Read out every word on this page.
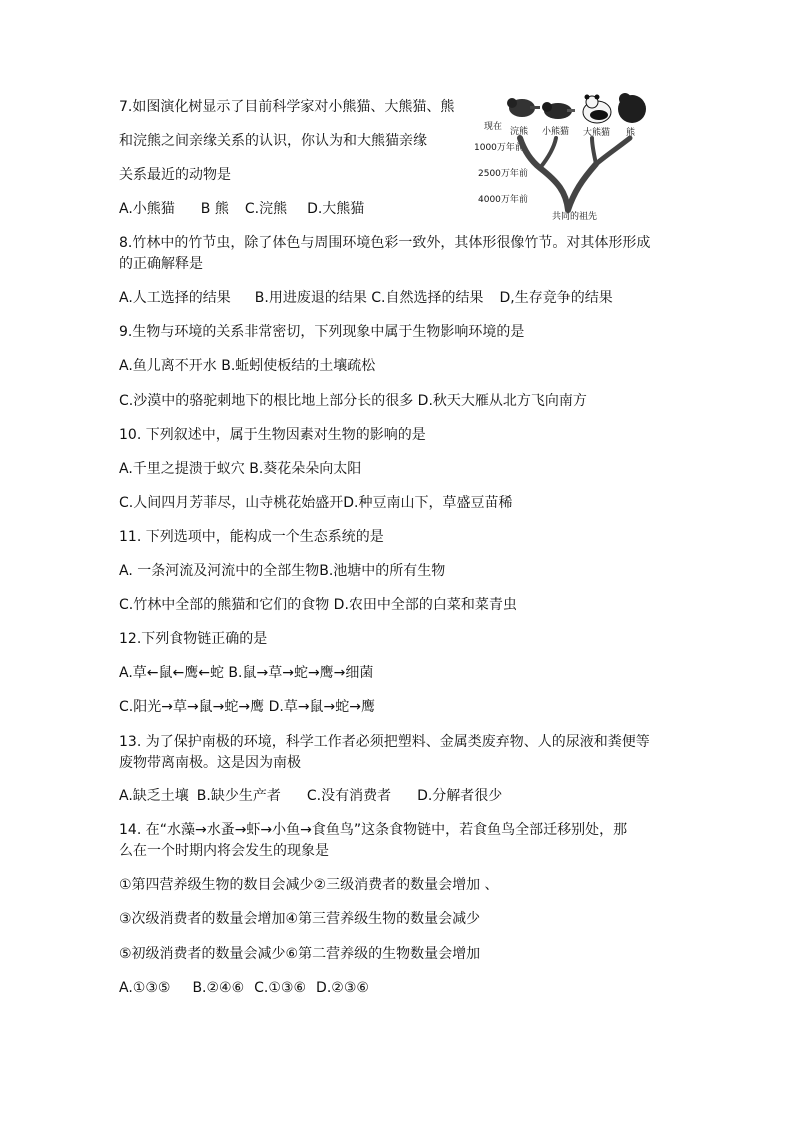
7.如图演化树显示了目前科学家对小熊猫、大熊猫、熊
和浣熊之间亲缘关系的认识，你认为和大熊猫亲缘
关系最近的动物是
A.小熊猫 B 熊 C.浣熊 D.大熊猫
现在 浣熊 小熊猫 大熊猫 熊
1000万年前
2500万年前
4000万年前
共同的祖先
8.竹林中的竹节虫，除了体色与周围环境色彩一致外，其体形很像竹节。对其体形形成
的正确解释是
A.人工选择的结果 B.用进废退的结果 C.自然选择的结果 D,生存竞争的结果
9.生物与环境的关系非常密切，下列现象中属于生物影响环境的是
A.鱼儿离不开水 B.蚯蚓使板结的土壤疏松
C.沙漠中的骆驼刺地下的根比地上部分长的很多 D.秋天大雁从北方飞向南方
10. 下列叙述中，属于生物因素对生物的影响的是
A.千里之提溃于蚁穴 B.葵花朵朵向太阳
C.人间四月芳菲尽，山寺桃花始盛开D.种豆南山下，草盛豆苗稀
11. 下列选项中，能构成一个生态系统的是
A. 一条河流及河流中的全部生物B.池塘中的所有生物
C.竹林中全部的熊猫和它们的食物 D.农田中全部的白菜和菜青虫
12.下列食物链正确的是
A.草←鼠←鹰←蛇 B.鼠→草→蛇→鹰→细菌
C.阳光→草→鼠→蛇→鹰 D.草→鼠→蛇→鹰
13. 为了保护南极的环境，科学工作者必须把塑料、金属类废弃物、人的尿液和粪便等
废物带离南极。这是因为南极
A.缺乏土壤 B.缺少生产者 C.没有消费者 D.分解者很少
14. 在“水藻→水蚤→虾→小鱼→食鱼鸟”这条食物链中，若食鱼鸟全部迁移别处，那
么在一个时期内将会发生的现象是
①第四营养级生物的数目会减少②三级消费者的数量会增加 、
③次级消费者的数量会增加④第三营养级生物的数量会减少
⑤初级消费者的数量会减少⑥第二营养级的生物数量会增加
A.①③⑤ B.②④⑥ C.①③⑥ D.②③⑥
